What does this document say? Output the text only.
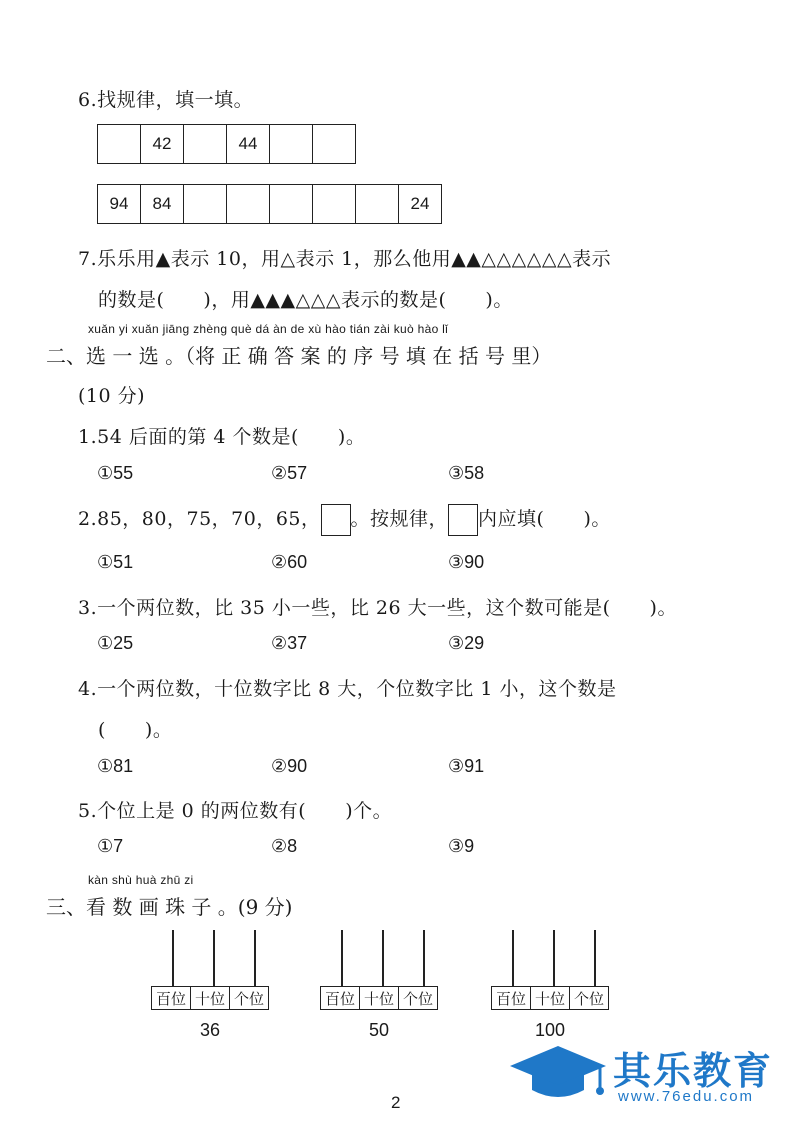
6.找规律，填一填。
	42		44		
94	84						24
7.乐乐用▲表示 10，用△表示 1，那么他用▲▲△△△△△△表示
的数是(　　)，用▲▲▲△△△表示的数是(　　)。
xuǎn yi xuǎn jiāng zhèng què dá àn de xù hào tián zài kuò hào lǐ
二、选 一 选 。（将 正 确 答 案 的 序 号 填 在 括 号 里）
(10 分)
1.54 后面的第 4 个数是(　　)。
①55	②57	③58
2.85，80，75，70，65， 。按规律， 内应填(　　)。
①51	②60	③90
3.一个两位数，比 35 小一些，比 26 大一些，这个数可能是(　　)。
①25	②37	③29
4.一个两位数，十位数字比 8 大，个位数字比 1 小，这个数是
(　　)。
①81	②90	③91
5.个位上是 0 的两位数有(　　)个。
①7	②8	③9
kàn shù huà zhū zi
三、看 数 画 珠 子 。(9 分)
百位	十位	个位
36
百位	十位	个位
50
百位	十位	个位
100
其乐教育
www.76edu.com
2
